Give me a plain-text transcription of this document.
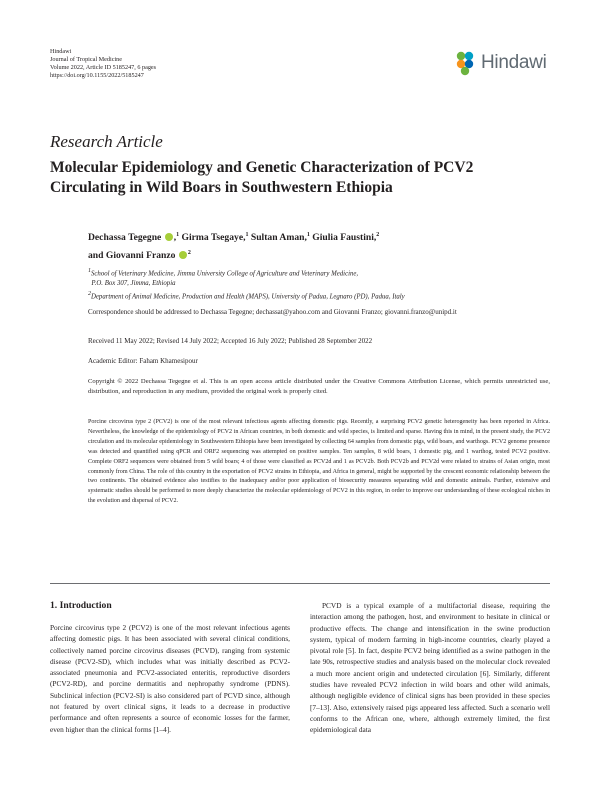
Hindawi
Journal of Tropical Medicine
Volume 2022, Article ID 5185247, 6 pages
https://doi.org/10.1155/2022/5185247
Hindawi
Research Article
Molecular Epidemiology and Genetic Characterization of PCV2 Circulating in Wild Boars in Southwestern Ethiopia
Dechassa Tegegne ,$^1$ Girma Tsegaye,$^1$ Sultan Aman,$^1$ Giulia Faustini,$^2$
and Giovanni Franzo $^2$
$^1$School of Veterinary Medicine, Jimma University College of Agriculture and Veterinary Medicine,
P.O. Box 307, Jimma, Ethiopia
$^2$Department of Animal Medicine, Production and Health (MAPS), University of Padua, Legnaro (PD), Padua, Italy
Correspondence should be addressed to Dechassa Tegegne; dechassat@yahoo.com and Giovanni Franzo; giovanni.franzo@unipd.it
Received 11 May 2022; Revised 14 July 2022; Accepted 16 July 2022; Published 28 September 2022
Academic Editor: Faham Khamesipour
Copyright © 2022 Dechassa Tegegne et al. This is an open access article distributed under the Creative Commons Attribution License, which permits unrestricted use, distribution, and reproduction in any medium, provided the original work is properly cited.
Porcine circovirus type 2 (PCV2) is one of the most relevant infectious agents affecting domestic pigs. Recently, a surprising PCV2 genetic heterogeneity has been reported in Africa. Nevertheless, the knowledge of the epidemiology of PCV2 in African countries, in both domestic and wild species, is limited and sparse. Having this in mind, in the present study, the PCV2 circulation and its molecular epidemiology in Southwestern Ethiopia have been investigated by collecting 64 samples from domestic pigs, wild boars, and warthogs. PCV2 genome presence was detected and quantified using qPCR and ORF2 sequencing was attempted on positive samples. Ten samples, 8 wild boars, 1 domestic pig, and 1 warthog, tested PCV2 positive. Complete ORF2 sequences were obtained from 5 wild boars; 4 of those were classified as PCV2d and 1 as PCV2b. Both PCV2b and PCV2d were related to strains of Asian origin, most commonly from China. The role of this country in the exportation of PCV2 strains in Ethiopia, and Africa in general, might be supported by the crescent economic relationship between the two continents. The obtained evidence also testifies to the inadequacy and/or poor application of biosecurity measures separating wild and domestic animals. Further, extensive and systematic studies should be performed to more deeply characterize the molecular epidemiology of PCV2 in this region, in order to improve our understanding of these ecological niches in the evolution and dispersal of PCV2.
1. Introduction
Porcine circovirus type 2 (PCV2) is one of the most relevant infectious agents affecting domestic pigs. It has been associated with several clinical conditions, collectively named porcine circovirus diseases (PCVD), ranging from systemic disease (PCV2-SD), which includes what was initially described as PCV2-associated pneumonia and PCV2-associated enteritis, reproductive disorders (PCV2-RD), and porcine dermatitis and nephropathy syndrome (PDNS). Subclinical infection (PCV2-SI) is also considered part of PCVD since, although not featured by overt clinical signs, it leads to a decrease in productive performance and often represents a source of economic losses for the farmer, even higher than the clinical forms [1–4].
PCVD is a typical example of a multifactorial disease, requiring the interaction among the pathogen, host, and environment to hesitate in clinical or productive effects. The change and intensification in the swine production system, typical of modern farming in high-income countries, clearly played a pivotal role [5]. In fact, despite PCV2 being identified as a swine pathogen in the late 90s, retrospective studies and analysis based on the molecular clock revealed a much more ancient origin and undetected circulation [6]. Similarly, different studies have revealed PCV2 infection in wild boars and other wild animals, although negligible evidence of clinical signs has been provided in these species [7–13]. Also, extensively raised pigs appeared less affected. Such a scenario well conforms to the African one, where, although extremely limited, the first epidemiological data
